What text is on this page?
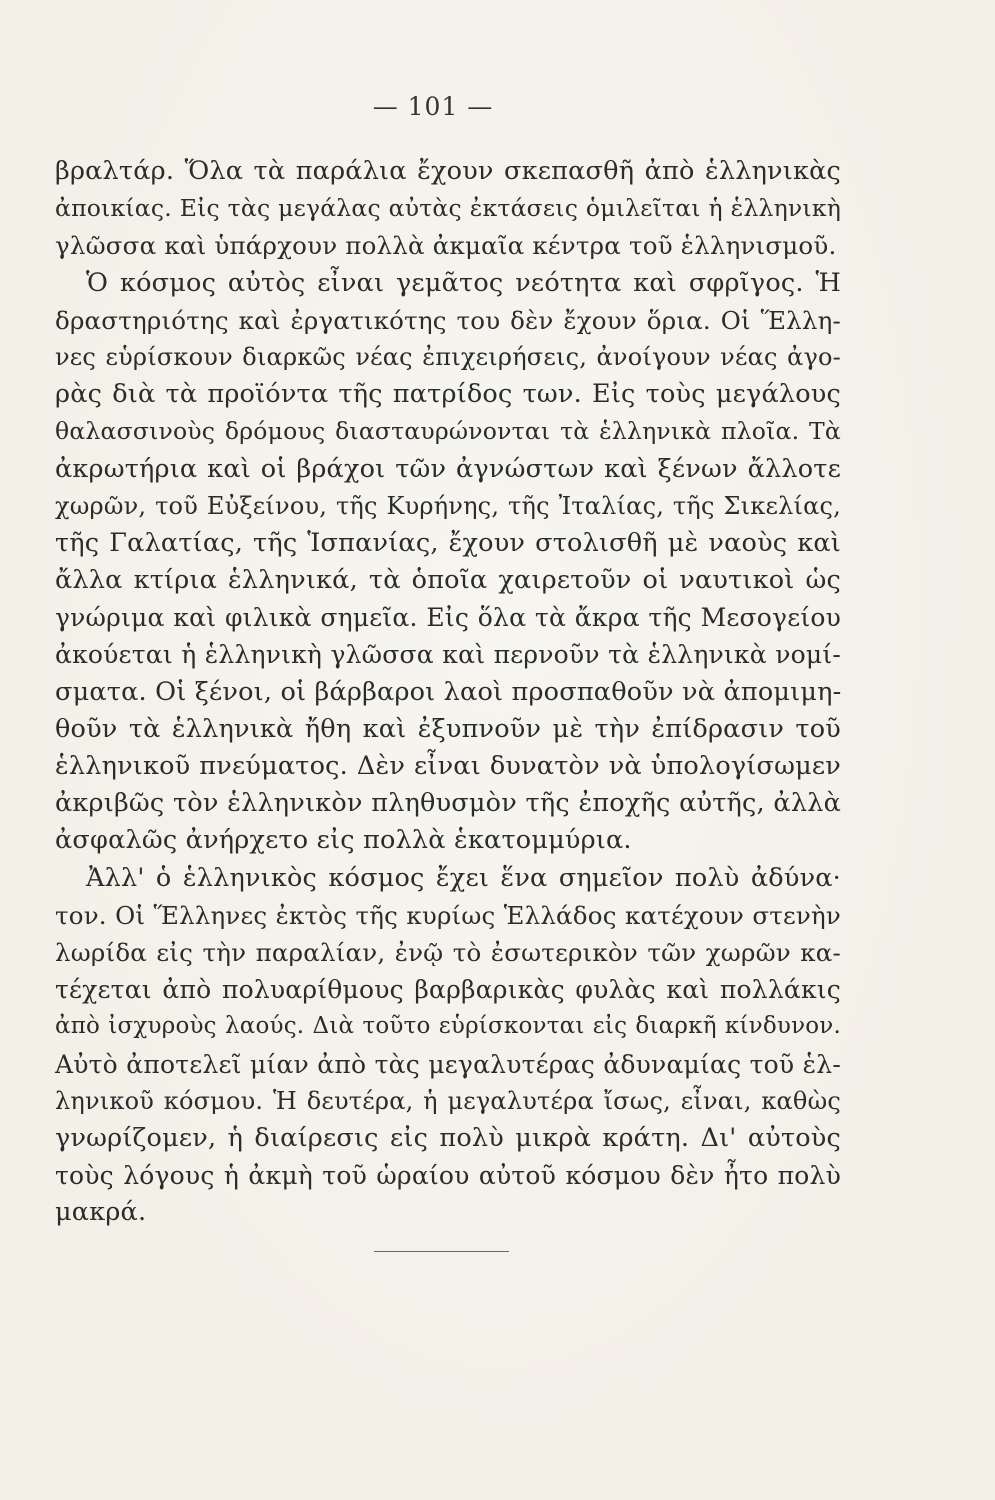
— 101 —
βραλτάρ. Ὅλα τὰ παράλια ἔχουν σκεπασθῆ ἀπὸ ἑλληνικὰς
ἀποικίας. Εἰς τὰς μεγάλας αὐτὰς ἐκτάσεις ὁμιλεῖται ἡ ἑλληνικὴ
γλῶσσα καὶ ὑπάρχουν πολλὰ ἀκμαῖα κέντρα τοῦ ἑλληνισμοῦ.
Ὁ κόσμος αὐτὸς εἶναι γεμᾶτος νεότητα καὶ σφρῖγος. Ἡ
δραστηριότης καὶ ἐργατικότης του δὲν ἔχουν ὅρια. Οἱ Ἕλλη-
νες εὑρίσκουν διαρκῶς νέας ἐπιχειρήσεις, ἀνοίγουν νέας ἀγο-
ρὰς διὰ τὰ προϊόντα τῆς πατρίδος των. Εἰς τοὺς μεγάλους
θαλασσινοὺς δρόμους διασταυρώνονται τὰ ἑλληνικὰ πλοῖα. Τὰ
ἀκρωτήρια καὶ οἱ βράχοι τῶν ἀγνώστων καὶ ξένων ἄλλοτε
χωρῶν, τοῦ Εὐξείνου, τῆς Κυρήνης, τῆς Ἰταλίας, τῆς Σικελίας,
τῆς Γαλατίας, τῆς Ἱσπανίας, ἔχουν στολισθῆ μὲ ναοὺς καὶ
ἄλλα κτίρια ἑλληνικά, τὰ ὁποῖα χαιρετοῦν οἱ ναυτικοὶ ὡς
γνώριμα καὶ φιλικὰ σημεῖα. Εἰς ὅλα τὰ ἄκρα τῆς Μεσογείου
ἀκούεται ἡ ἑλληνικὴ γλῶσσα καὶ περνοῦν τὰ ἑλληνικὰ νομί-
σματα. Οἱ ξένοι, οἱ βάρβαροι λαοὶ προσπαθοῦν νὰ ἀπομιμη-
θοῦν τὰ ἑλληνικὰ ἤθη καὶ ἐξυπνοῦν μὲ τὴν ἐπίδρασιν τοῦ
ἑλληνικοῦ πνεύματος. Δὲν εἶναι δυνατὸν νὰ ὑπολογίσωμεν
ἀκριβῶς τὸν ἑλληνικὸν πληθυσμὸν τῆς ἐποχῆς αὐτῆς, ἀλλὰ
ἀσφαλῶς ἀνήρχετο εἰς πολλὰ ἑκατομμύρια.
Ἀλλ' ὁ ἑλληνικὸς κόσμος ἔχει ἕνα σημεῖον πολὺ ἀδύνα·
τον. Οἱ Ἕλληνες ἐκτὸς τῆς κυρίως Ἑλλάδος κατέχουν στενὴν
λωρίδα εἰς τὴν παραλίαν, ἐνῷ τὸ ἐσωτερικὸν τῶν χωρῶν κα-
τέχεται ἀπὸ πολυαρίθμους βαρβαρικὰς φυλὰς καὶ πολλάκις
ἀπὸ ἰσχυροὺς λαούς. Διὰ τοῦτο εὑρίσκονται εἰς διαρκῆ κίνδυνον.
Αὐτὸ ἀποτελεῖ μίαν ἀπὸ τὰς μεγαλυτέρας ἀδυναμίας τοῦ ἑλ-
ληνικοῦ κόσμου. Ἡ δευτέρα, ἡ μεγαλυτέρα ἴσως, εἶναι, καθὼς
γνωρίζομεν, ἡ διαίρεσις εἰς πολὺ μικρὰ κράτη. Δι' αὐτοὺς
τοὺς λόγους ἡ ἀκμὴ τοῦ ὡραίου αὐτοῦ κόσμου δὲν ἦτο πολὺ
μακρά.
